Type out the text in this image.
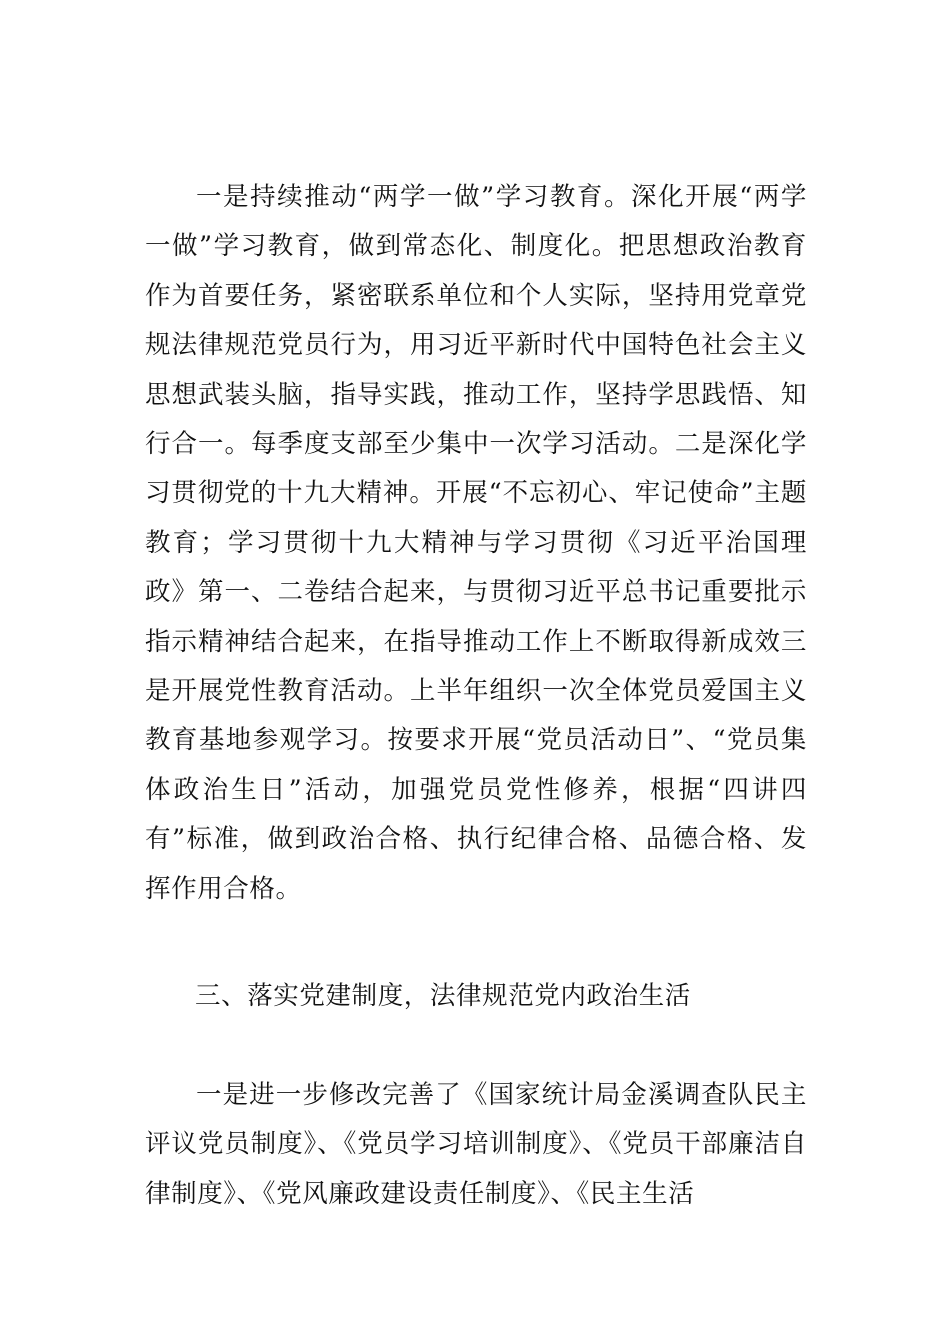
一是持续推动“两学一做”学习教育。深化开展“两学一做”学习教育，做到常态化、制度化。把思想政治教育作为首要任务，紧密联系单位和个人实际，坚持用党章党规法律规范党员行为，用习近平新时代中国特色社会主义思想武装头脑，指导实践，推动工作，坚持学思践悟、知行合一。每季度支部至少集中一次学习活动。二是深化学习贯彻党的十九大精神。开展“不忘初心、牢记使命”主题教育；学习贯彻十九大精神与学习贯彻《习近平治国理政》第一、二卷结合起来，与贯彻习近平总书记重要批示指示精神结合起来，在指导推动工作上不断取得新成效三是开展党性教育活动。上半年组织一次全体党员爱国主义教育基地参观学习。按要求开展“党员活动日”、“党员集体政治生日”活动，加强党员党性修养，根据“四讲四有”标准，做到政治合格、执行纪律合格、品德合格、发挥作用合格。

三、落实党建制度，法律规范党内政治生活

一是进一步修改完善了《国家统计局金溪调查队民主评议党员制度》、《党员学习培训制度》、《党员干部廉洁自律制度》、《党风廉政建设责任制度》、《民主生活
